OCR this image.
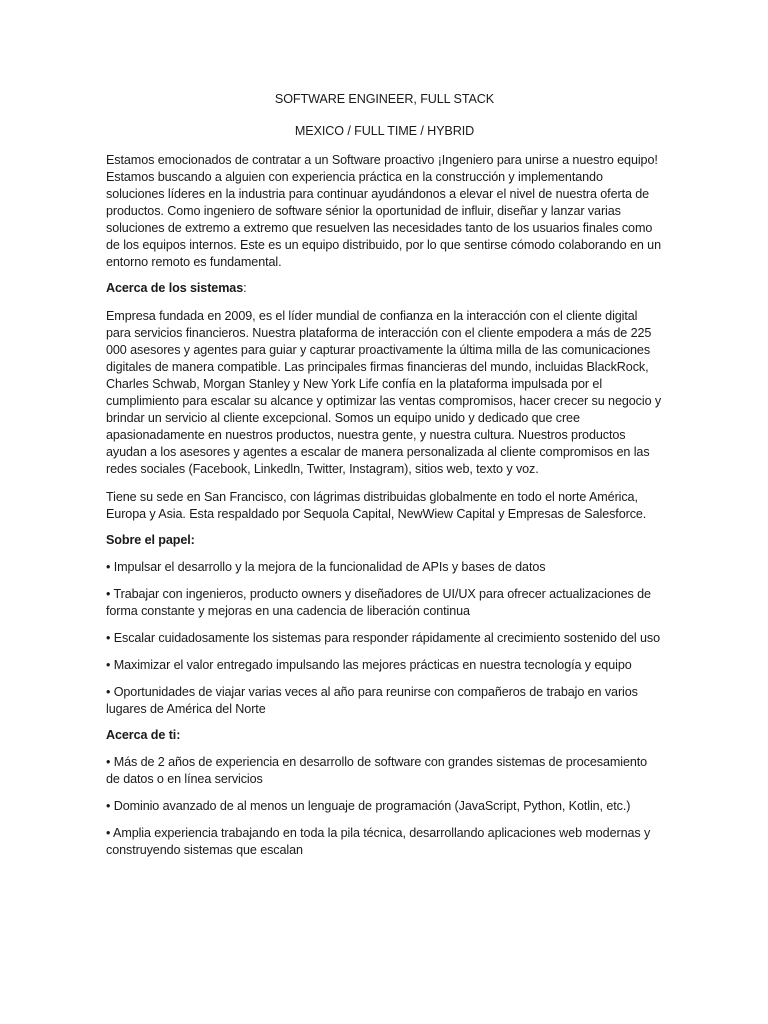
SOFTWARE ENGINEER, FULL STACK

MEXICO / FULL TIME / HYBRID

Estamos emocionados de contratar a un Software proactivo ¡Ingeniero para unirse a nuestro equipo! Estamos buscando a alguien con experiencia práctica en la construcción y implementando soluciones líderes en la industria para continuar ayudándonos a elevar el nivel de nuestra oferta de productos. Como ingeniero de software sénior la oportunidad de influir, diseñar y lanzar varias soluciones de extremo a extremo que resuelven las necesidades tanto de los usuarios finales como de los equipos internos. Este es un equipo distribuido, por lo que sentirse cómodo colaborando en un entorno remoto es fundamental.

Acerca de los sistemas:

Empresa fundada en 2009, es el líder mundial de confianza en la interacción con el cliente digital para servicios financieros. Nuestra plataforma de interacción con el cliente empodera a más de 225 000 asesores y agentes para guiar y capturar proactivamente la última milla de las comunicaciones digitales de manera compatible. Las principales firmas financieras del mundo, incluidas BlackRock, Charles Schwab, Morgan Stanley y New York Life confía en la plataforma impulsada por el cumplimiento para escalar su alcance y optimizar las ventas compromisos, hacer crecer su negocio y brindar un servicio al cliente excepcional. Somos un equipo unido y dedicado que cree apasionadamente en nuestros productos, nuestra gente, y nuestra cultura. Nuestros productos ayudan a los asesores y agentes a escalar de manera personalizada al cliente compromisos en las redes sociales (Facebook, Linkedln, Twitter, Instagram), sitios web, texto y voz.

Tiene su sede en San Francisco, con lágrimas distribuidas globalmente en todo el norte América, Europa y Asia. Esta respaldado por Sequola Capital, NewWiew Capital y Empresas de Salesforce.

Sobre el papel:

• Impulsar el desarrollo y la mejora de la funcionalidad de APIs y bases de datos

• Trabajar con ingenieros, producto owners y diseñadores de UI/UX para ofrecer actualizaciones de forma constante y mejoras en una cadencia de liberación continua

• Escalar cuidadosamente los sistemas para responder rápidamente al crecimiento sostenido del uso

• Maximizar el valor entregado impulsando las mejores prácticas en nuestra tecnología y equipo

• Oportunidades de viajar varias veces al año para reunirse con compañeros de trabajo en varios lugares de América del Norte

Acerca de ti:

• Más de 2 años de experiencia en desarrollo de software con grandes sistemas de procesamiento de datos o en línea servicios

• Dominio avanzado de al menos un lenguaje de programación (JavaScript, Python, Kotlin, etc.)

• Amplia experiencia trabajando en toda la pila técnica, desarrollando aplicaciones web modernas y construyendo sistemas que escalan
